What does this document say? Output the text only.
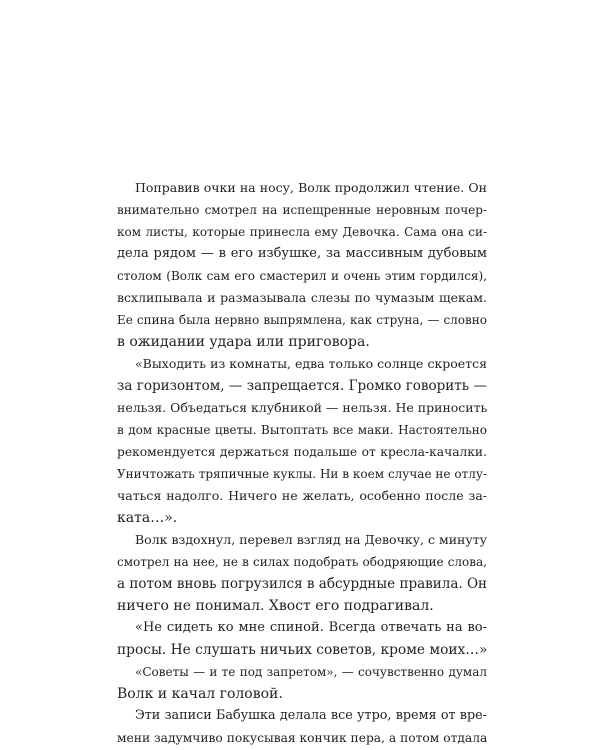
Поправив очки на носу, Волк продолжил чтение. Он
внимательно смотрел на испещренные неровным почер-
ком листы, которые принесла ему Девочка. Сама она си-
дела рядом — в его избушке, за массивным дубовым
столом (Волк сам его смастерил и очень этим гордился),
всхлипывала и размазывала слезы по чумазым щекам.
Ее спина была нервно выпрямлена, как струна, — словно
в ожидании удара или приговора.
«Выходить из комнаты, едва только солнце скроется
за горизонтом, — запрещается. Громко говорить —
нельзя. Объедаться клубникой — нельзя. Не приносить
в дом красные цветы. Вытоптать все маки. Настоятельно
рекомендуется держаться подальше от кресла-качалки.
Уничтожать тряпичные куклы. Ни в коем случае не отлу-
чаться надолго. Ничего не желать, особенно после за-
ката…».
Волк вздохнул, перевел взгляд на Девочку, с минуту
смотрел на нее, не в силах подобрать ободряющие слова,
а потом вновь погрузился в абсурдные правила. Он
ничего не понимал. Хвост его подрагивал.
«Не сидеть ко мне спиной. Всегда отвечать на во-
просы. Не слушать ничьих советов, кроме моих…»
«Советы — и те под запретом», — сочувственно думал
Волк и качал головой.
Эти записи Бабушка делала все утро, время от вре-
мени задумчиво покусывая кончик пера, а потом отдала
